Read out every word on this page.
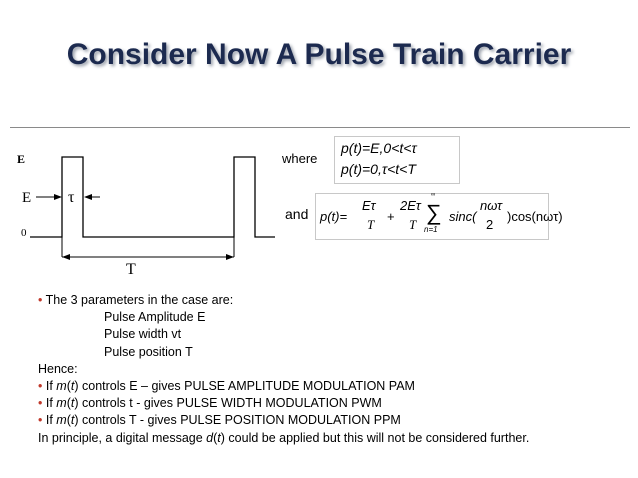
Consider Now A Pulse Train Carrier
E
E τ
0
T
where
p(t)=E,0<t<τ
p(t)=0,τ<t<T
and p(t)=
Eτ
T
+
2Eτ
T
∞
∑
n=1
sinc(
nωτ
2
)cos(nωτ)
• The 3 parameters in the case are:
Pulse Amplitude E
Pulse width vt
Pulse position T
Hence:
• If m(t) controls E – gives PULSE AMPLITUDE MODULATION PAM
• If m(t) controls t - gives PULSE WIDTH MODULATION PWM
• If m(t) controls T - gives PULSE POSITION MODULATION PPM
In principle, a digital message d(t) could be applied but this will not be considered further.
